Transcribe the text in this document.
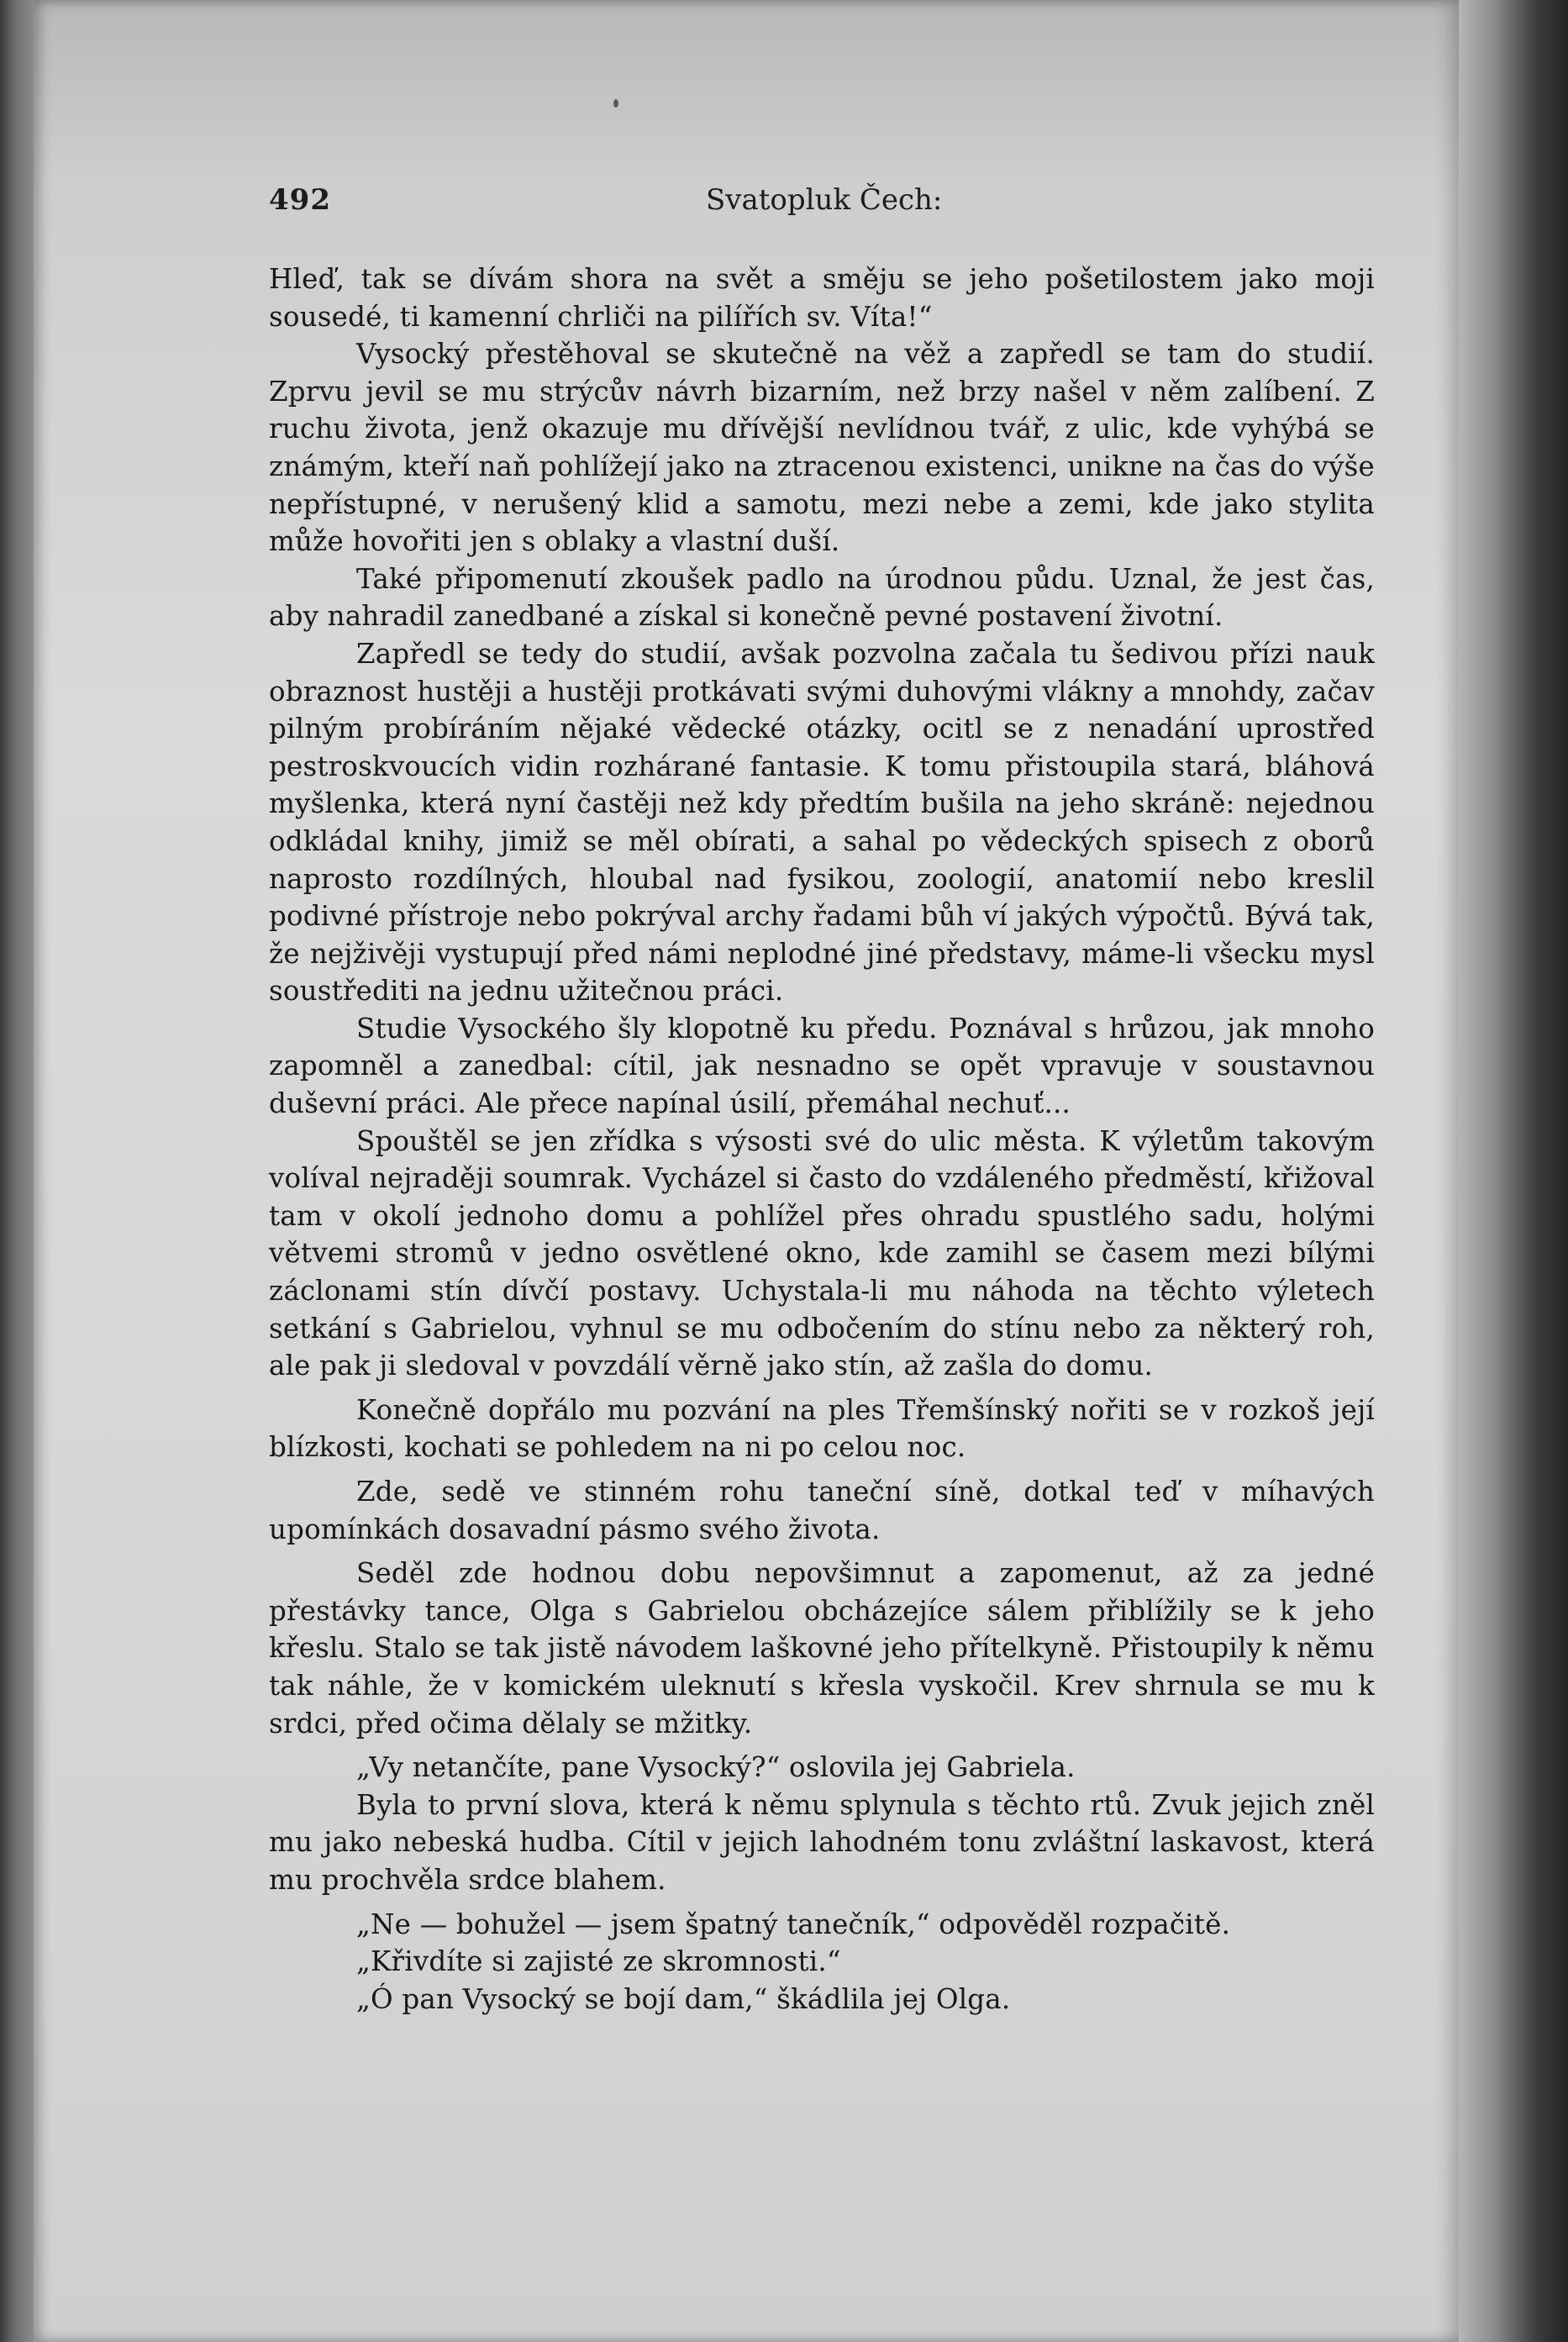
492	Svatopluk Čech:

Hleď, tak se dívám shora na svět a směju se jeho pošetilostem jako moji sousedé, ti kamenní chrliči na pilířích sv. Víta!“

Vysocký přestěhoval se skutečně na věž a zapředl se tam do studií. Zprvu jevil se mu strýcův návrh bizarním, než brzy našel v něm zalíbení. Z ruchu života, jenž okazuje mu dřívější nevlídnou tvář, z ulic, kde vyhýbá se známým, kteří naň pohlížejí jako na ztracenou existenci, unikne na čas do výše nepřístupné, v nerušený klid a samotu, mezi nebe a zemi, kde jako stylita může hovořiti jen s oblaky a vlastní duší.

Také připomenutí zkoušek padlo na úrodnou půdu. Uznal, že jest čas, aby nahradil zanedbané a získal si konečně pevné postavení životní.

Zapředl se tedy do studií, avšak pozvolna začala tu šedivou přízi nauk obraznost hustěji a hustěji protkávati svými duhovými vlákny a mnohdy, začav pilným probíráním nějaké vědecké otázky, ocitl se z nenadání uprostřed pestroskvoucích vidin rozhárané fantasie. K tomu přistoupila stará, bláhová myšlenka, která nyní častěji než kdy předtím bušila na jeho skráně: nejednou odkládal knihy, jimiž se měl obírati, a sahal po vědeckých spisech z oborů naprosto rozdílných, hloubal nad fysikou, zoologií, anatomií nebo kreslil podivné přístroje nebo pokrýval archy řadami bůh ví jakých výpočtů. Bývá tak, že nejživěji vystupují před námi neplodné jiné představy, máme-li všecku mysl soustřediti na jednu užitečnou práci.

Studie Vysockého šly klopotně ku předu. Poznával s hrůzou, jak mnoho zapomněl a zanedbal: cítil, jak nesnadno se opět vpravuje v soustavnou duševní práci. Ale přece napínal úsilí, přemáhal nechuť...

Spouštěl se jen zřídka s výsosti své do ulic města. K výletům takovým volíval nejraději soumrak. Vycházel si často do vzdáleného předměstí, křižoval tam v okolí jednoho domu a pohlížel přes ohradu spustlého sadu, holými větvemi stromů v jedno osvětlené okno, kde zamihl se časem mezi bílými záclonami stín dívčí postavy. Uchystala-li mu náhoda na těchto výletech setkání s Gabrielou, vyhnul se mu odbočením do stínu nebo za některý roh, ale pak ji sledoval v povzdálí věrně jako stín, až zašla do domu.

Konečně dopřálo mu pozvání na ples Třemšínský nořiti se v rozkoš její blízkosti, kochati se pohledem na ni po celou noc.

Zde, sedě ve stinném rohu taneční síně, dotkal teď v míhavých upomínkách dosavadní pásmo svého života.

Seděl zde hodnou dobu nepovšimnut a zapomenut, až za jedné přestávky tance, Olga s Gabrielou obcházejíce sálem přiblížily se k jeho křeslu. Stalo se tak jistě návodem laškovné jeho přítelkyně. Přistoupily k němu tak náhle, že v komickém uleknutí s křesla vyskočil. Krev shrnula se mu k srdci, před očima dělaly se mžitky.

„Vy netančíte, pane Vysocký?“ oslovila jej Gabriela.

Byla to první slova, která k němu splynula s těchto rtů. Zvuk jejich zněl mu jako nebeská hudba. Cítil v jejich lahodném tonu zvláštní laskavost, která mu prochvěla srdce blahem.

„Ne — bohužel — jsem špatný tanečník,“ odpověděl rozpačitě.

„Křivdíte si zajisté ze skromnosti.“

„Ó pan Vysocký se bojí dam,“ škádlila jej Olga.
